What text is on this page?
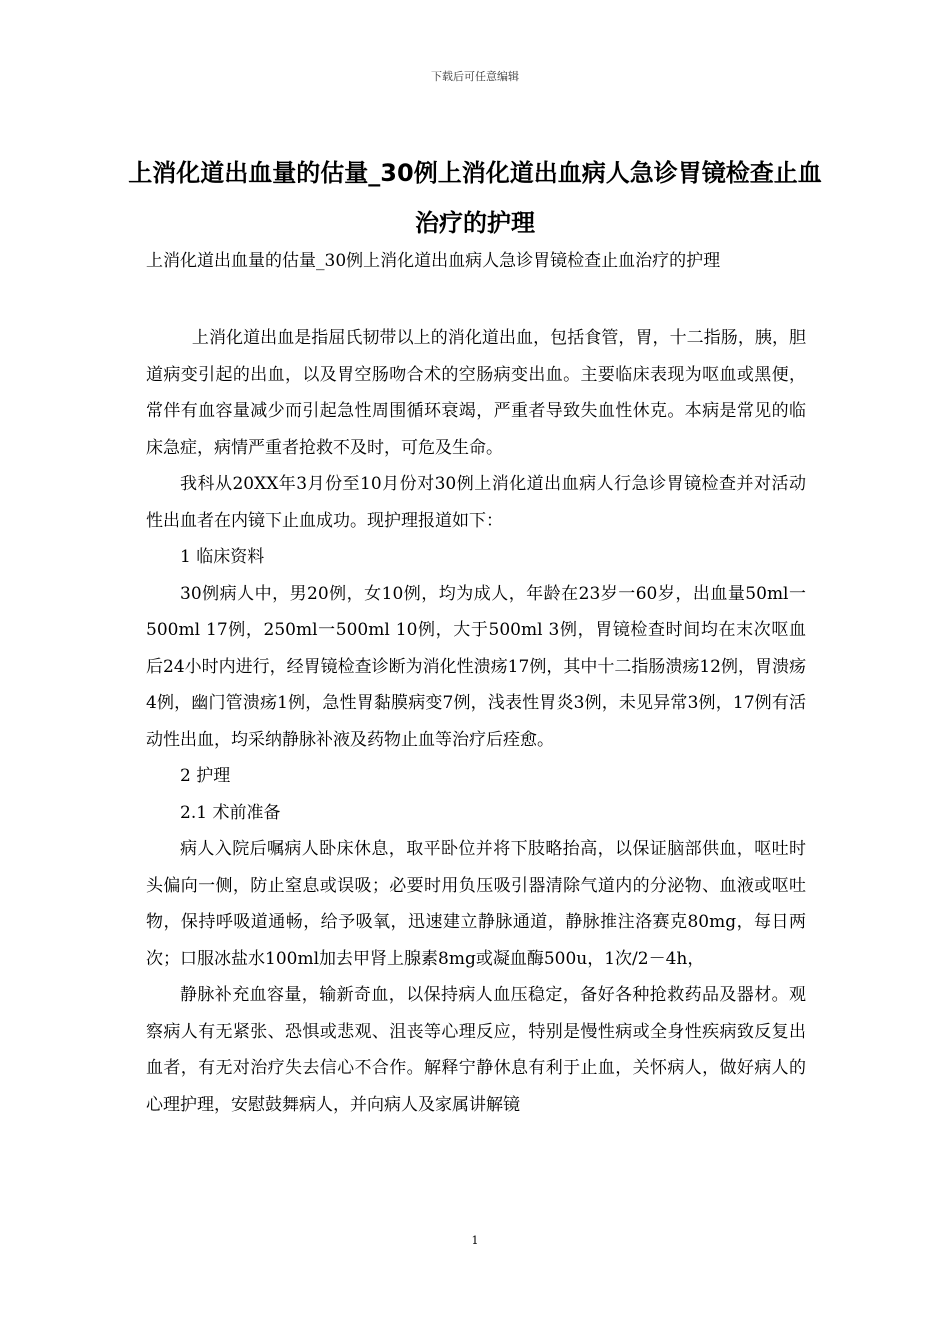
下载后可任意编辑
上消化道出血量的估量_30例上消化道出血病人急诊胃镜检查止血治疗的护理
上消化道出血量的估量_30例上消化道出血病人急诊胃镜检查止血治疗的护理

上消化道出血是指屈氏韧带以上的消化道出血，包括食管，胃，十二指肠，胰，胆道病变引起的出血，以及胃空肠吻合术的空肠病变出血。主要临床表现为呕血或黑便，常伴有血容量减少而引起急性周围循环衰竭，严重者导致失血性休克。本病是常见的临床急症，病情严重者抢救不及时，可危及生命。

我科从20XX年3月份至10月份对30例上消化道出血病人行急诊胃镜检查并对活动性出血者在内镜下止血成功。现护理报道如下：

1 临床资料

30例病人中，男20例，女10例，均为成人，年龄在23岁一60岁，出血量50ml一500ml 17例，250ml一500ml 10例，大于500ml 3例，胃镜检查时间均在末次呕血后24小时内进行，经胃镜检查诊断为消化性溃疡17例，其中十二指肠溃疡12例，胃溃疡4例，幽门管溃疡1例，急性胃黏膜病变7例，浅表性胃炎3例，未见异常3例，17例有活动性出血，均采纳静脉补液及药物止血等治疗后痊愈。

2 护理

2.1 术前准备

病人入院后嘱病人卧床休息，取平卧位并将下肢略抬高，以保证脑部供血，呕吐时头偏向一侧，防止窒息或误吸；必要时用负压吸引器清除气道内的分泌物、血液或呕吐物，保持呼吸道通畅，给予吸氧，迅速建立静脉通道，静脉推注洛赛克80mg，每日两次；口服冰盐水100ml加去甲肾上腺素8mg或凝血酶500u，1次/2－4h，

静脉补充血容量，输新奇血，以保持病人血压稳定，备好各种抢救药品及器材。观察病人有无紧张、恐惧或悲观、沮丧等心理反应，特别是慢性病或全身性疾病致反复出血者，有无对治疗失去信心不合作。解释宁静休息有利于止血，关怀病人，做好病人的心理护理，安慰鼓舞病人，并向病人及家属讲解镜

1
